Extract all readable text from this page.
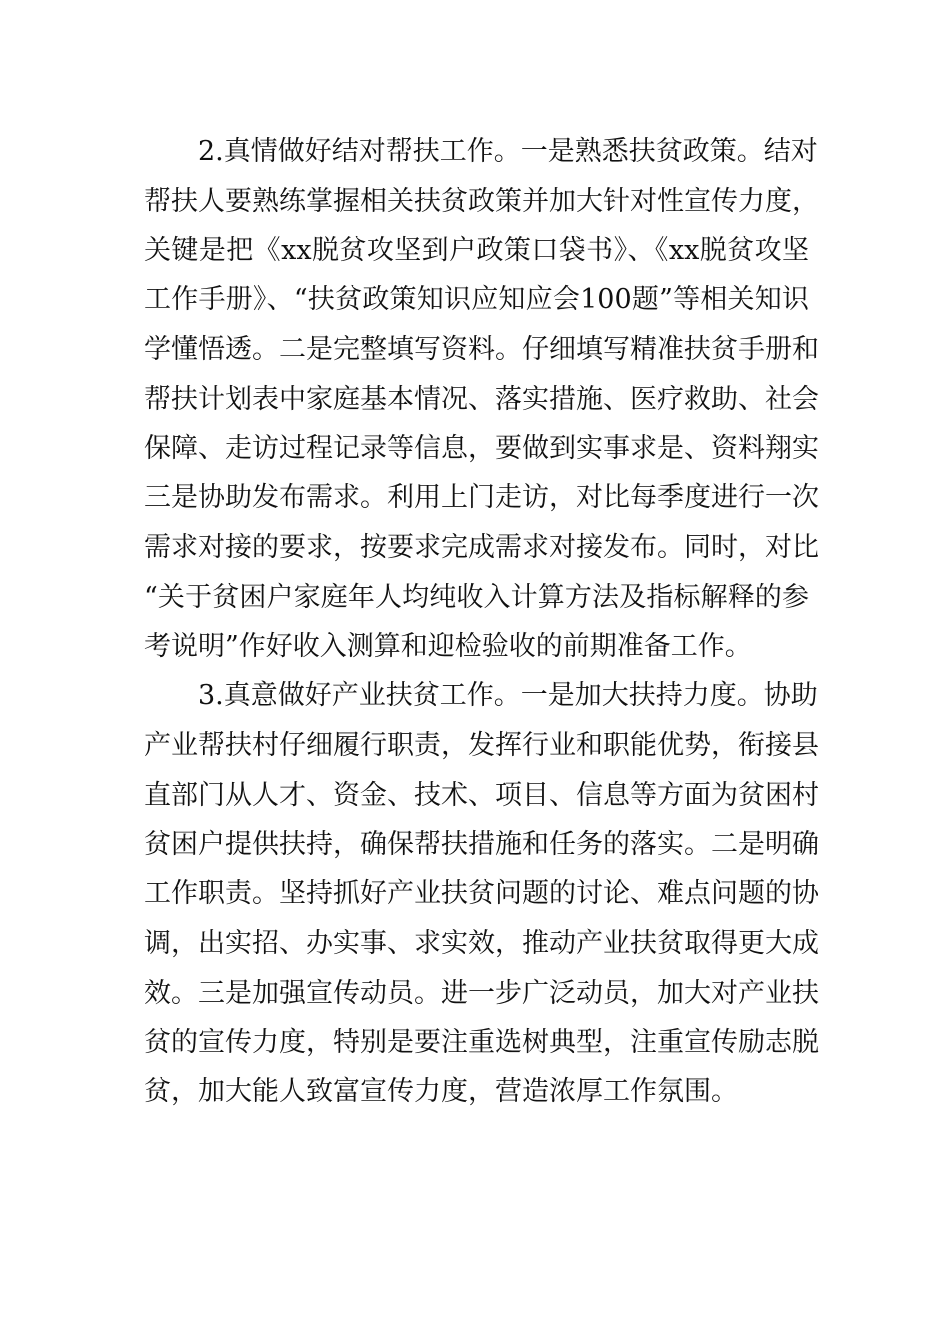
2.真情做好结对帮扶工作。一是熟悉扶贫政策。结对
帮扶人要熟练掌握相关扶贫政策并加大针对性宣传力度，
关键是把《xx脱贫攻坚到户政策口袋书》、《xx脱贫攻坚
工作手册》、“扶贫政策知识应知应会100题”等相关知识
学懂悟透。二是完整填写资料。仔细填写精准扶贫手册和
帮扶计划表中家庭基本情况、落实措施、医疗救助、社会
保障、走访过程记录等信息，要做到实事求是、资料翔实
三是协助发布需求。利用上门走访，对比每季度进行一次
需求对接的要求，按要求完成需求对接发布。同时，对比
“关于贫困户家庭年人均纯收入计算方法及指标解释的参
考说明”作好收入测算和迎检验收的前期准备工作。
3.真意做好产业扶贫工作。一是加大扶持力度。协助
产业帮扶村仔细履行职责，发挥行业和职能优势，衔接县
直部门从人才、资金、技术、项目、信息等方面为贫困村
贫困户提供扶持，确保帮扶措施和任务的落实。二是明确
工作职责。坚持抓好产业扶贫问题的讨论、难点问题的协
调，出实招、办实事、求实效，推动产业扶贫取得更大成
效。三是加强宣传动员。进一步广泛动员，加大对产业扶
贫的宣传力度，特别是要注重选树典型，注重宣传励志脱
贫，加大能人致富宣传力度，营造浓厚工作氛围。
